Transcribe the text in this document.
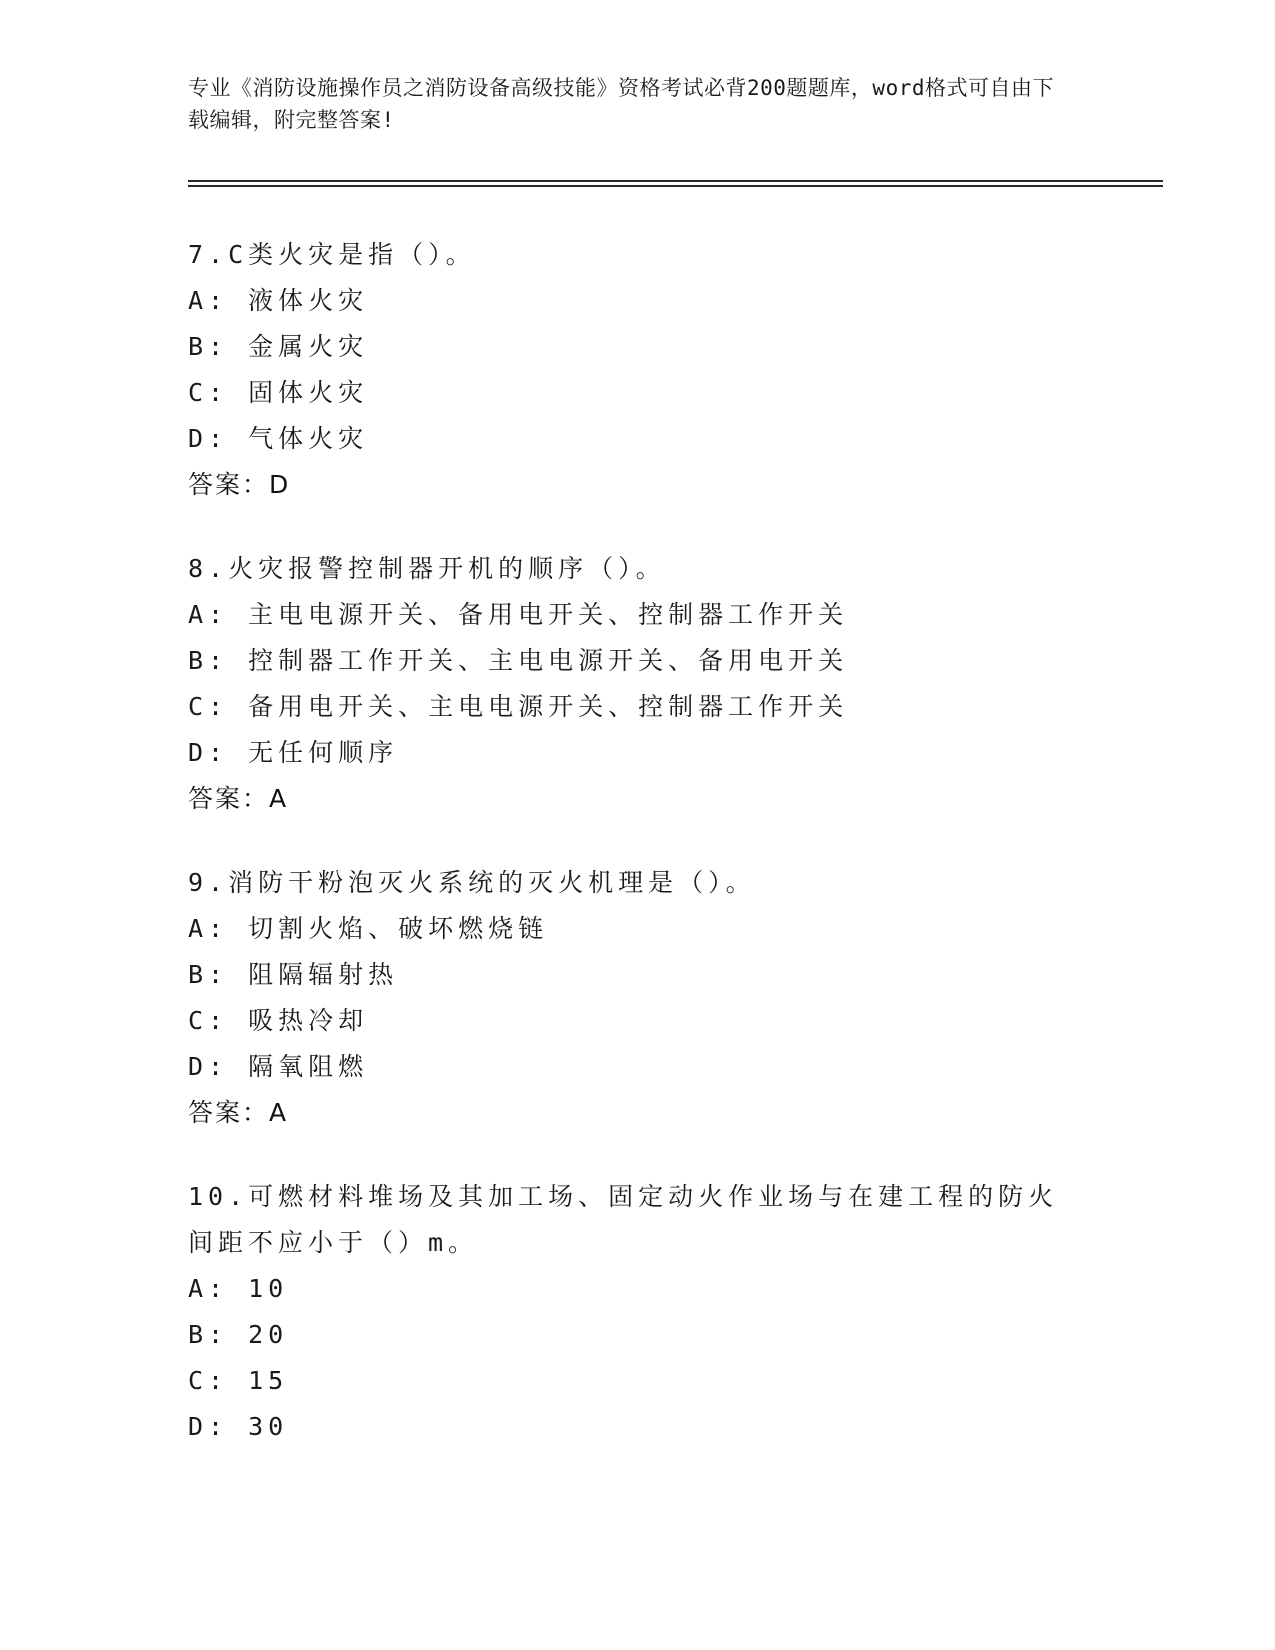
专业《消防设施操作员之消防设备高级技能》资格考试必背200题题库，word格式可自由下载编辑，附完整答案!
7.C类火灾是指（）。
A: 液体火灾
B: 金属火灾
C: 固体火灾
D: 气体火灾
答案：D
8.火灾报警控制器开机的顺序（）。
A: 主电电源开关、备用电开关、控制器工作开关
B: 控制器工作开关、主电电源开关、备用电开关
C: 备用电开关、主电电源开关、控制器工作开关
D: 无任何顺序
答案：A
9.消防干粉泡灭火系统的灭火机理是（）。
A: 切割火焰、破坏燃烧链
B: 阻隔辐射热
C: 吸热冷却
D: 隔氧阻燃
答案：A
10.可燃材料堆场及其加工场、固定动火作业场与在建工程的防火间距不应小于（）m。
A: 10
B: 20
C: 15
D: 30
